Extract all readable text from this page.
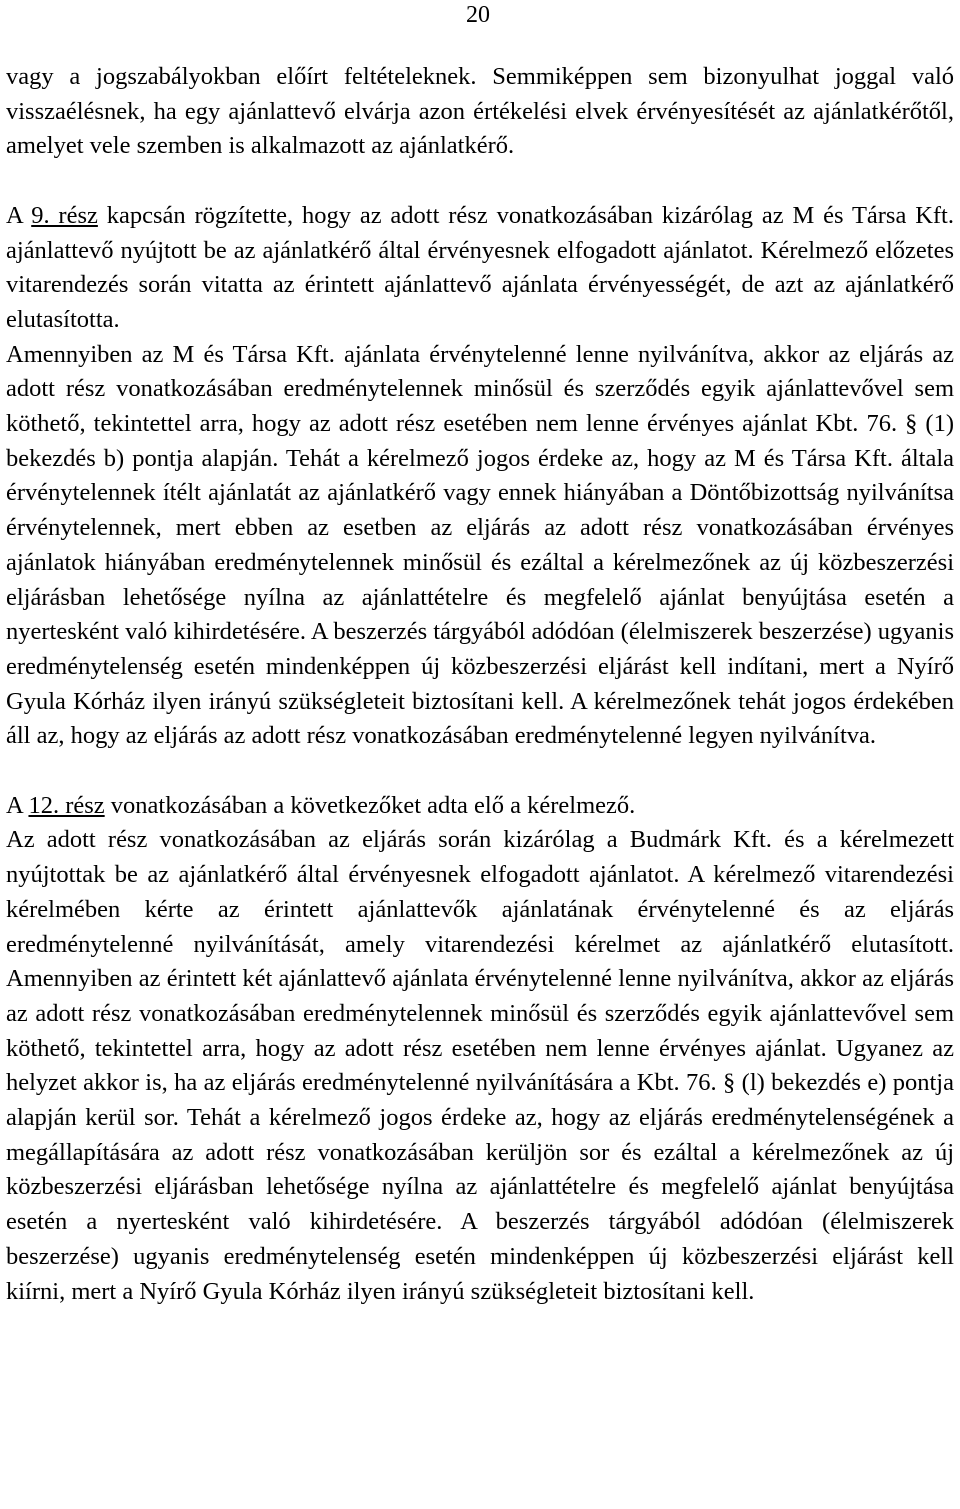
20

vagy a jogszabályokban előírt feltételeknek. Semmiképpen sem bizonyulhat joggal való visszaélésnek, ha egy ajánlattevő elvárja azon értékelési elvek érvényesítését az ajánlatkérőtől, amelyet vele szemben is alkalmazott az ajánlatkérő.

A 9. rész kapcsán rögzítette, hogy az adott rész vonatkozásában kizárólag az M és Társa Kft. ajánlattevő nyújtott be az ajánlatkérő által érvényesnek elfogadott ajánlatot. Kérelmező előzetes vitarendezés során vitatta az érintett ajánlattevő ajánlata érvényességét, de azt az ajánlatkérő elutasította.

Amennyiben az M és Társa Kft. ajánlata érvénytelenné lenne nyilvánítva, akkor az eljárás az adott rész vonatkozásában eredménytelennek minősül és szerződés egyik ajánlattevővel sem köthető, tekintettel arra, hogy az adott rész esetében nem lenne érvényes ajánlat Kbt. 76. § (1) bekezdés b) pontja alapján. Tehát a kérelmező jogos érdeke az, hogy az M és Társa Kft. általa érvénytelennek ítélt ajánlatát az ajánlatkérő vagy ennek hiányában a Döntőbizottság nyilvánítsa érvénytelennek, mert ebben az esetben az eljárás az adott rész vonatkozásában érvényes ajánlatok hiányában eredménytelennek minősül és ezáltal a kérelmezőnek az új közbeszerzési eljárásban lehetősége nyílna az ajánlattételre és megfelelő ajánlat benyújtása esetén a nyertesként való kihirdetésére. A beszerzés tárgyából adódóan (élelmiszerek beszerzése) ugyanis eredménytelenség esetén mindenképpen új közbeszerzési eljárást kell indítani, mert a Nyírő Gyula Kórház ilyen irányú szükségleteit biztosítani kell. A kérelmezőnek tehát jogos érdekében áll az, hogy az eljárás az adott rész vonatkozásában eredménytelenné legyen nyilvánítva.

A 12. rész vonatkozásában a következőket adta elő a kérelmező.

Az adott rész vonatkozásában az eljárás során kizárólag a Budmárk Kft. és a kérelmezett nyújtottak be az ajánlatkérő által érvényesnek elfogadott ajánlatot. A kérelmező vitarendezési kérelmében kérte az érintett ajánlattevők ajánlatának érvénytelenné és az eljárás eredménytelenné nyilvánítását, amely vitarendezési kérelmet az ajánlatkérő elutasított. Amennyiben az érintett két ajánlattevő ajánlata érvénytelenné lenne nyilvánítva, akkor az eljárás az adott rész vonatkozásában eredménytelennek minősül és szerződés egyik ajánlattevővel sem köthető, tekintettel arra, hogy az adott rész esetében nem lenne érvényes ajánlat. Ugyanez az helyzet akkor is, ha az eljárás eredménytelenné nyilvánítására a Kbt. 76. § (l) bekezdés e) pontja alapján kerül sor. Tehát a kérelmező jogos érdeke az, hogy az eljárás eredménytelenségének a megállapítására az adott rész vonatkozásában kerüljön sor és ezáltal a kérelmezőnek az új közbeszerzési eljárásban lehetősége nyílna az ajánlattételre és megfelelő ajánlat benyújtása esetén a nyertesként való kihirdetésére. A beszerzés tárgyából adódóan (élelmiszerek beszerzése) ugyanis eredménytelenség esetén mindenképpen új közbeszerzési eljárást kell kiírni, mert a Nyírő Gyula Kórház ilyen irányú szükségleteit biztosítani kell.
